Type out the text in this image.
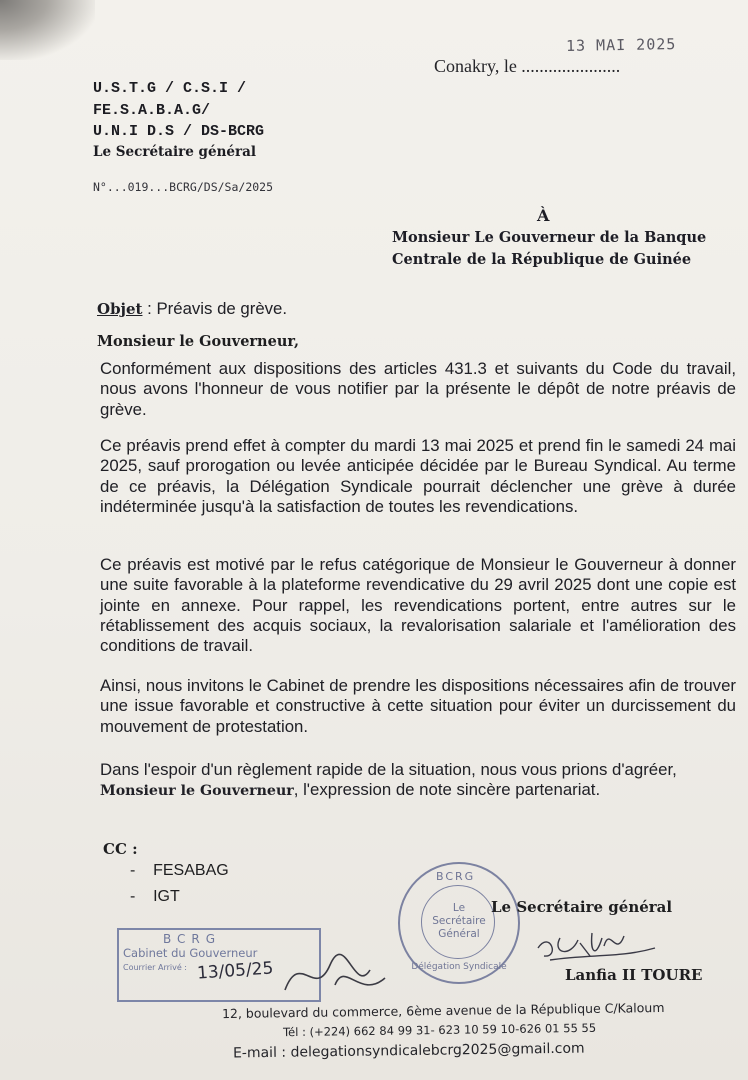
13 MAI 2025
Conakry, le ......................
U.S.T.G / C.S.I /
FE.S.A.B.A.G/
U.N.I D.S / DS-BCRG
Le Secrétaire général
N°...019...BCRG/DS/Sa/2025
À
Monsieur Le Gouverneur de la Banque
Centrale de la République de Guinée
Objet : Préavis de grève.
Monsieur le Gouverneur,
Conformément aux dispositions des articles 431.3 et suivants du Code du travail, nous avons l'honneur de vous notifier par la présente le dépôt de notre préavis de grève.
Ce préavis prend effet à compter du mardi 13 mai 2025 et prend fin le samedi 24 mai 2025, sauf prorogation ou levée anticipée décidée par le Bureau Syndical. Au terme de ce préavis, la Délégation Syndicale pourrait déclencher une grève à durée indéterminée jusqu'à la satisfaction de toutes les revendications.
Ce préavis est motivé par le refus catégorique de Monsieur le Gouverneur à donner une suite favorable à la plateforme revendicative du 29 avril 2025 dont une copie est jointe en annexe. Pour rappel, les revendications portent, entre autres sur le rétablissement des acquis sociaux, la revalorisation salariale et l'amélioration des conditions de travail.
Ainsi, nous invitons le Cabinet de prendre les dispositions nécessaires afin de trouver une issue favorable et constructive à cette situation pour éviter un durcissement du mouvement de protestation.
Dans l'espoir d'un règlement rapide de la situation, nous vous prions d'agréer,
Monsieur le Gouverneur, l'expression de note sincère partenariat.
CC :
-    FESABAG
-    IGT
BCRG
Cabinet du Gouverneur
Courrier Arrivé : 13/05/25
BCRG
Le
Secrétaire
Général
Délégation Syndicale
Le Secrétaire général
Lanfia II TOURE
12, boulevard du commerce, 6ème avenue de la République C/Kaloum
Tél : (+224) 662 84 99 31- 623 10 59 10-626 01 55 55
E-mail : delegationsyndicalebcrg2025@gmail.com
